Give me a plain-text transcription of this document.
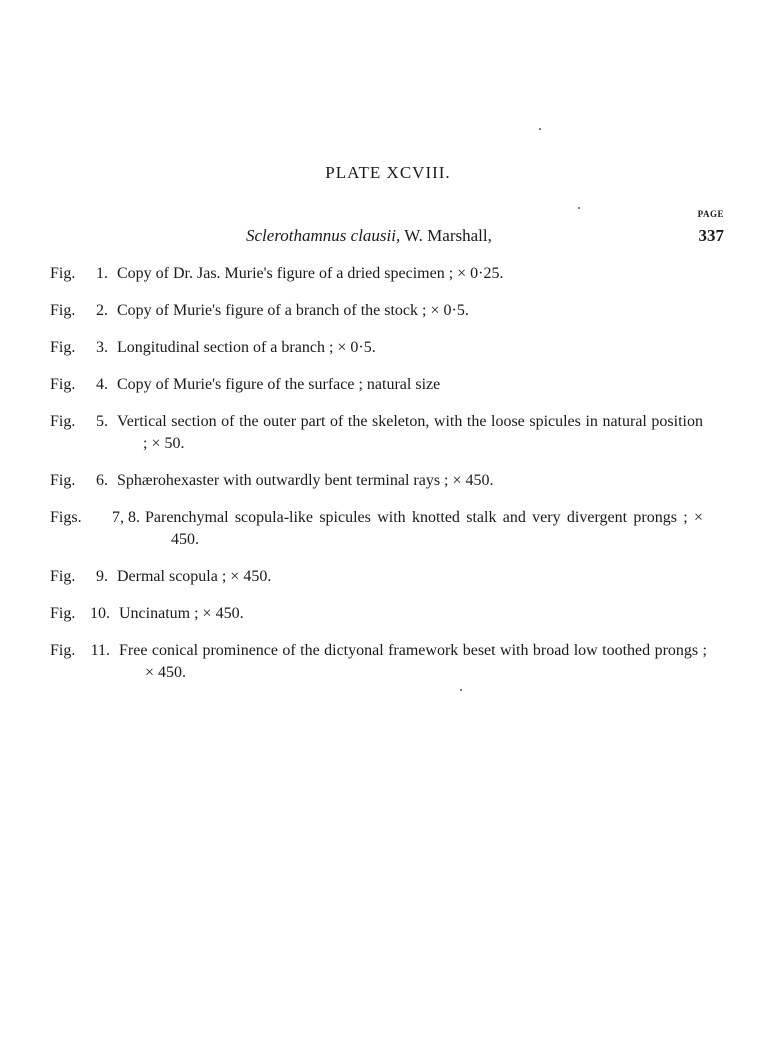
PLATE XCVIII.
PAGE
Sclerothamnus clausii, W. Marshall,	337
Fig.	1. Copy of Dr. Jas. Murie's figure of a dried specimen ; × 0·25.
Fig.	2. Copy of Murie's figure of a branch of the stock ; × 0·5.
Fig.	3. Longitudinal section of a branch ; × 0·5.
Fig.	4. Copy of Murie's figure of the surface ; natural size
Fig.	5. Vertical section of the outer part of the skeleton, with the loose spicules in natural position ; × 50.
Fig.	6. Sphærohexaster with outwardly bent terminal rays ; × 450.
Figs.	7, 8. Parenchymal scopula-like spicules with knotted stalk and very divergent prongs ; × 450.
Fig.	9. Dermal scopula ; × 450.
Fig. 10. Uncinatum ; × 450.
Fig. 11. Free conical prominence of the dictyonal framework beset with broad low toothed prongs ; × 450.
